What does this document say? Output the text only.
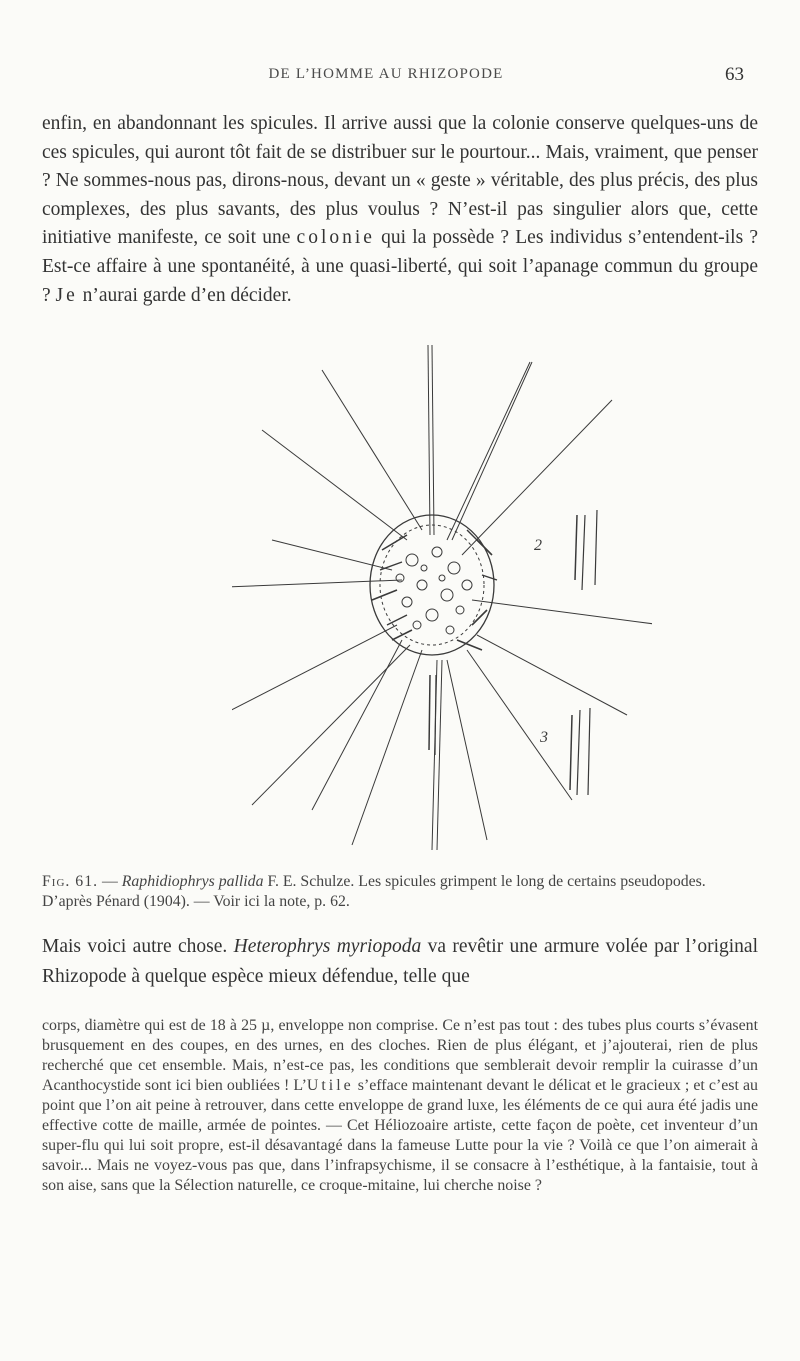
DE L’HOMME AU RHIZOPODE	63

enfin, en abandonnant les spicules. Il arrive aussi que la colonie conserve quelques-uns de ces spicules, qui auront tôt fait de se distribuer sur le pourtour... Mais, vraiment, que penser ? Ne sommes-nous pas, dirons-nous, devant un « geste » véritable, des plus précis, des plus complexes, des plus savants, des plus voulus ? N’est-il pas singulier alors que, cette initiative manifeste, ce soit une colonie qui la possède ? Les individus s’entendent-ils ? Est-ce affaire à une spontanéité, à une quasi-liberté, qui soit l’apanage commun du groupe ? Je n’aurai garde d’en décider.

2
3

Fig. 61. — Raphidiophrys pallida F. E. Schulze. Les spicules grimpent le long de certains pseudopodes. D’après Pénard (1904). — Voir ici la note, p. 62.

Mais voici autre chose. Heterophrys myriopoda va revêtir une armure volée par l’original Rhizopode à quelque espèce mieux défendue, telle que

corps, diamètre qui est de 18 à 25 µ, enveloppe non comprise. Ce n’est pas tout : des tubes plus courts s’évasent brusquement en des coupes, en des urnes, en des cloches. Rien de plus élégant, et j’ajouterai, rien de plus recherché que cet ensemble. Mais, n’est-ce pas, les conditions que semblerait devoir remplir la cuirasse d’un Acanthocystide sont ici bien oubliées ! L’Utile s’efface maintenant devant le délicat et le gracieux ; et c’est au point que l’on ait peine à retrouver, dans cette enveloppe de grand luxe, les éléments de ce qui aura été jadis une effective cotte de maille, armée de pointes. — Cet Héliozoaire artiste, cette façon de poète, cet inventeur d’un super-flu qui lui soit propre, est-il désavantagé dans la fameuse Lutte pour la vie ? Voilà ce que l’on aimerait à savoir... Mais ne voyez-vous pas que, dans l’infrapsychisme, il se consacre à l’esthétique, à la fantaisie, tout à son aise, sans que la Sélection naturelle, ce croque-mitaine, lui cherche noise ?
